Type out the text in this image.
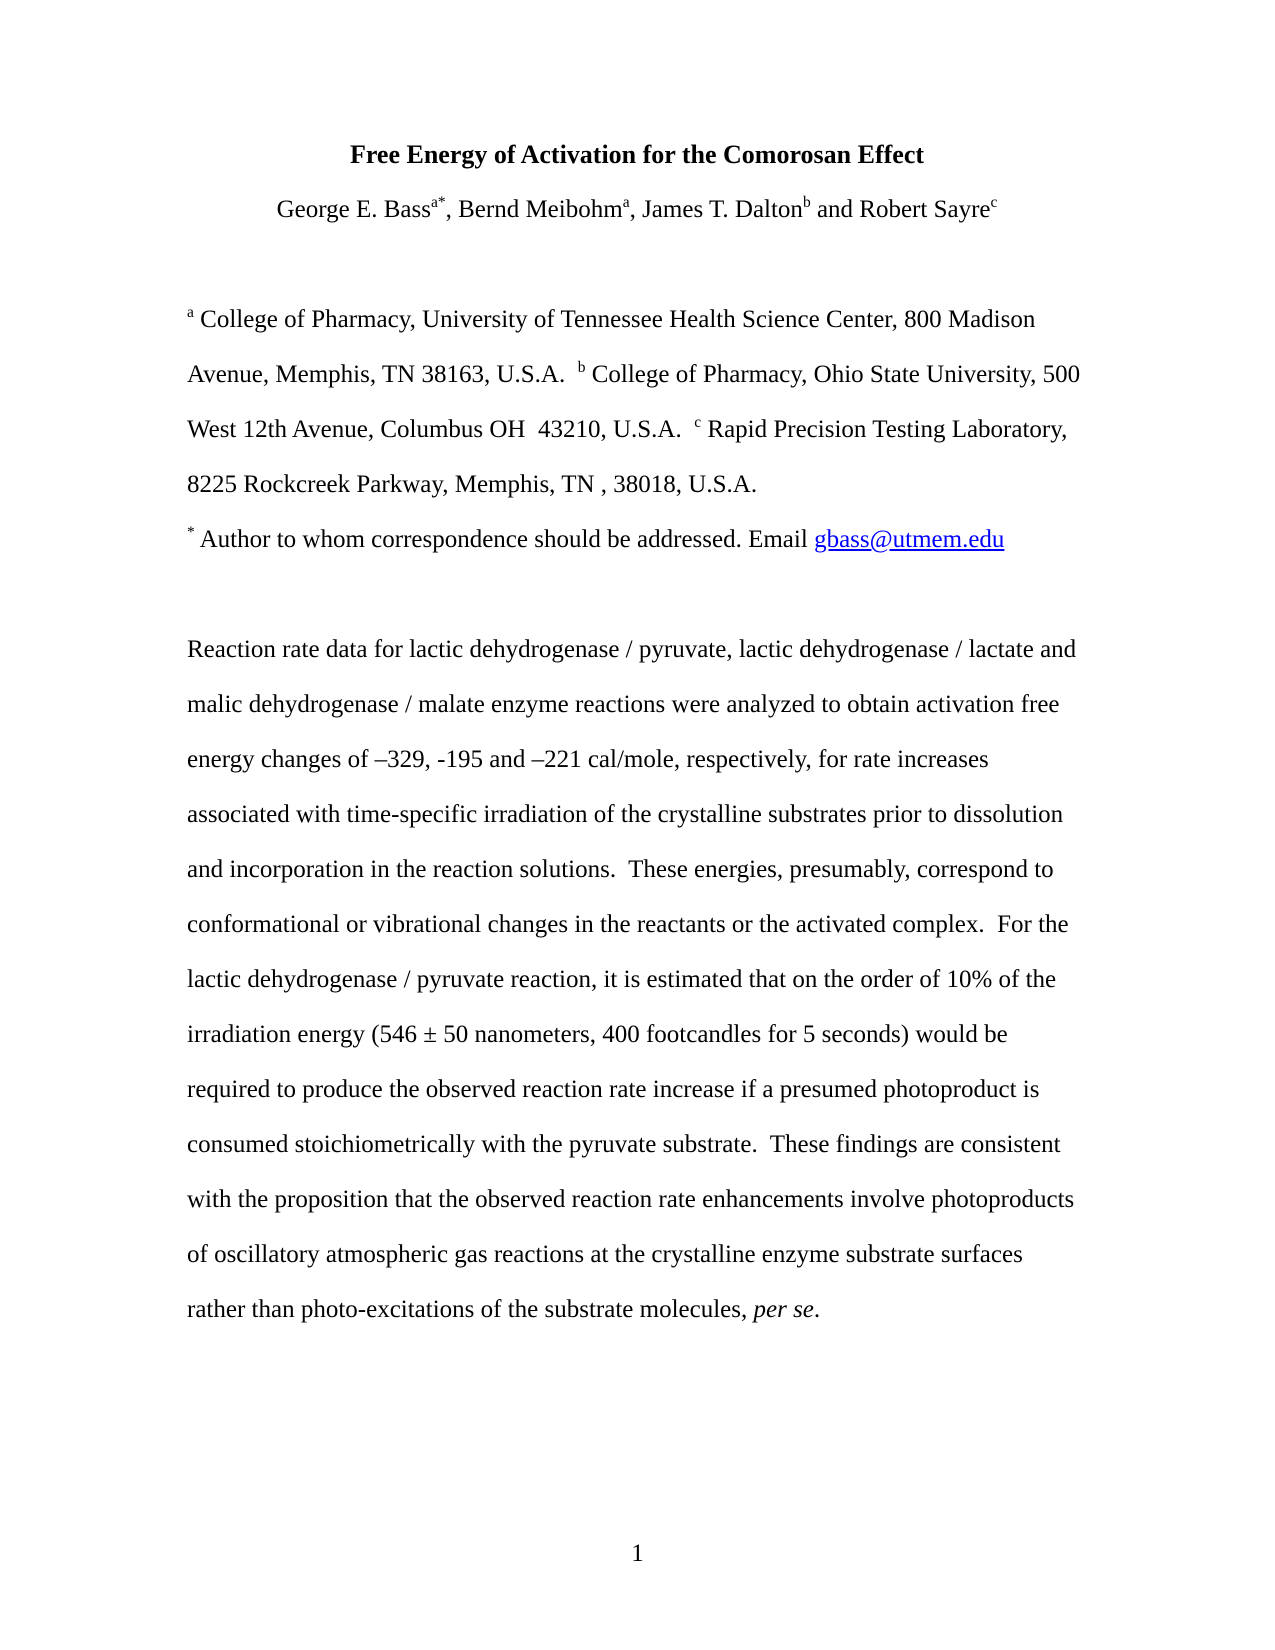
Free Energy of Activation for the Comorosan Effect

George E. Bass$^{a*}$, Bernd Meibohm$^a$, James T. Dalton$^b$ and Robert Sayre$^c$

$^a$ College of Pharmacy, University of Tennessee Health Science Center, 800 Madison Avenue, Memphis, TN 38163, U.S.A.  $^b$ College of Pharmacy, Ohio State University, 500 West 12th Avenue, Columbus OH  43210, U.S.A.  $^c$ Rapid Precision Testing Laboratory, 8225 Rockcreek Parkway, Memphis, TN , 38018, U.S.A.

* Author to whom correspondence should be addressed. Email gbass@utmem.edu

Reaction rate data for lactic dehydrogenase / pyruvate, lactic dehydrogenase / lactate and malic dehydrogenase / malate enzyme reactions were analyzed to obtain activation free energy changes of –329, -195 and –221 cal/mole, respectively, for rate increases associated with time-specific irradiation of the crystalline substrates prior to dissolution and incorporation in the reaction solutions.  These energies, presumably, correspond to conformational or vibrational changes in the reactants or the activated complex.  For the lactic dehydrogenase / pyruvate reaction, it is estimated that on the order of 10% of the irradiation energy (546 ± 50 nanometers, 400 footcandles for 5 seconds) would be required to produce the observed reaction rate increase if a presumed photoproduct is consumed stoichiometrically with the pyruvate substrate.  These findings are consistent with the proposition that the observed reaction rate enhancements involve photoproducts of oscillatory atmospheric gas reactions at the crystalline enzyme substrate surfaces rather than photo-excitations of the substrate molecules, per se.

1
